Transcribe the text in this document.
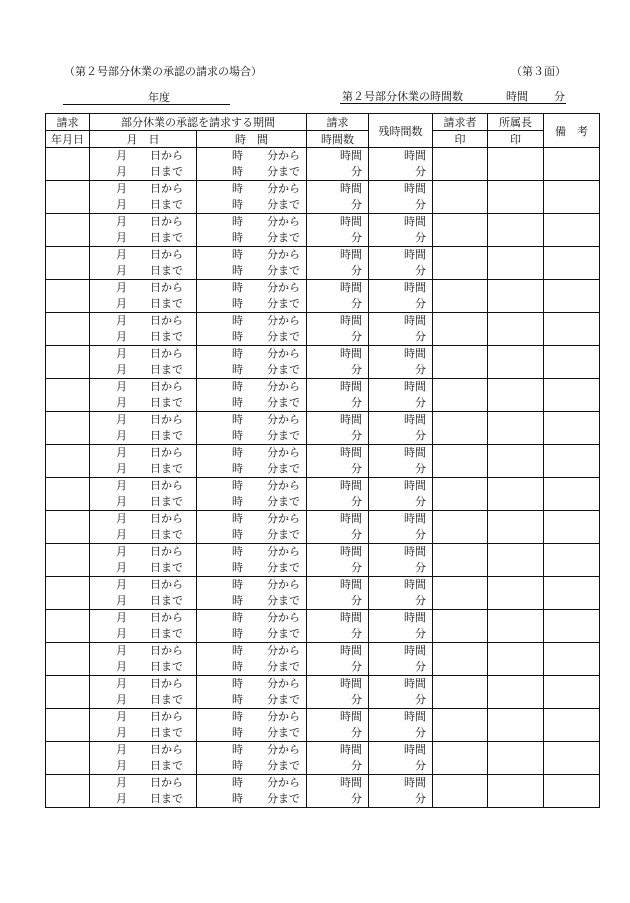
（第２号部分休業の承認の請求の場合）	（第３面）
年度	第２号部分休業の時間数	時間 分
請求	部分休業の承認を請求する期間		請求	残時間数	請求者	所属長	備　考
年月日	月　日	時　間	時間数		印	印	

	月 日から	時 分から	時間	時間			

	月 日まで	時 分まで	分	分			

	月 日から	時 分から	時間	時間			

	月 日まで	時 分まで	分	分			

	月 日から	時 分から	時間	時間			

	月 日まで	時 分まで	分	分			

	月 日から	時 分から	時間	時間			

	月 日まで	時 分まで	分	分			

	月 日から	時 分から	時間	時間			

	月 日まで	時 分まで	分	分			

	月 日から	時 分から	時間	時間			

	月 日まで	時 分まで	分	分			

	月 日から	時 分から	時間	時間			

	月 日まで	時 分まで	分	分			

	月 日から	時 分から	時間	時間			

	月 日まで	時 分まで	分	分			

	月 日から	時 分から	時間	時間			

	月 日まで	時 分まで	分	分			

	月 日から	時 分から	時間	時間			

	月 日まで	時 分まで	分	分			

	月 日から	時 分から	時間	時間			

	月 日まで	時 分まで	分	分			

	月 日から	時 分から	時間	時間			

	月 日まで	時 分まで	分	分			

	月 日から	時 分から	時間	時間			

	月 日まで	時 分まで	分	分			

	月 日から	時 分から	時間	時間			

	月 日まで	時 分まで	分	分			

	月 日から	時 分から	時間	時間			

	月 日まで	時 分まで	分	分			

	月 日から	時 分から	時間	時間			

	月 日まで	時 分まで	分	分			

	月 日から	時 分から	時間	時間			

	月 日まで	時 分まで	分	分			

	月 日から	時 分から	時間	時間			

	月 日まで	時 分まで	分	分			

	月 日から	時 分から	時間	時間			

	月 日まで	時 分まで	分	分			

	月 日から	時 分から	時間	時間			

	月 日まで	時 分まで	分	分			
